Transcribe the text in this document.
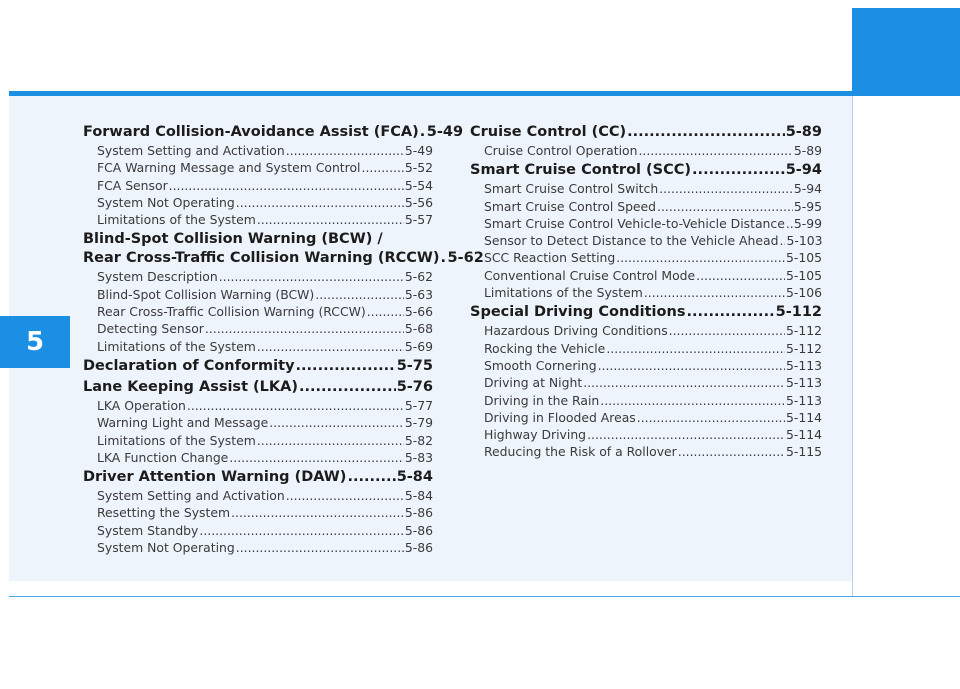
5
Forward Collision-Avoidance Assist (FCA) ..... 5-49
System Setting and Activation .....	5-49
FCA Warning Message and System Control .....	5-52
FCA Sensor .....	5-54
System Not Operating .....	5-56
Limitations of the System .....	5-57
Blind-Spot Collision Warning (BCW) /
Rear Cross-Traffic Collision Warning (RCCW) ..... 5-62
System Description .....	5-62
Blind-Spot Collision Warning (BCW) .....	5-63
Rear Cross-Traffic Collision Warning (RCCW) .....	5-66
Detecting Sensor .....	5-68
Limitations of the System .....	5-69
Declaration of Conformity .....	5-75
Lane Keeping Assist (LKA) .....	5-76
LKA Operation .....	5-77
Warning Light and Message .....	5-79
Limitations of the System .....	5-82
LKA Function Change .....	5-83
Driver Attention Warning (DAW) .....	5-84
System Setting and Activation .....	5-84
Resetting the System .....	5-86
System Standby .....	5-86
System Not Operating .....	5-86
Cruise Control (CC) .....	5-89
Cruise Control Operation .....	5-89
Smart Cruise Control (SCC) .....	5-94
Smart Cruise Control Switch .....	5-94
Smart Cruise Control Speed .....	5-95
Smart Cruise Control Vehicle-to-Vehicle Distance ..... 5-99
Sensor to Detect Distance to the Vehicle Ahead ..... 5-103
SCC Reaction Setting .....	5-105
Conventional Cruise Control Mode .....	5-105
Limitations of the System .....	5-106
Special Driving Conditions .....	5-112
Hazardous Driving Conditions .....	5-112
Rocking the Vehicle .....	5-112
Smooth Cornering .....	5-113
Driving at Night .....	5-113
Driving in the Rain .....	5-113
Driving in Flooded Areas .....	5-114
Highway Driving .....	5-114
Reducing the Risk of a Rollover .....	5-115
